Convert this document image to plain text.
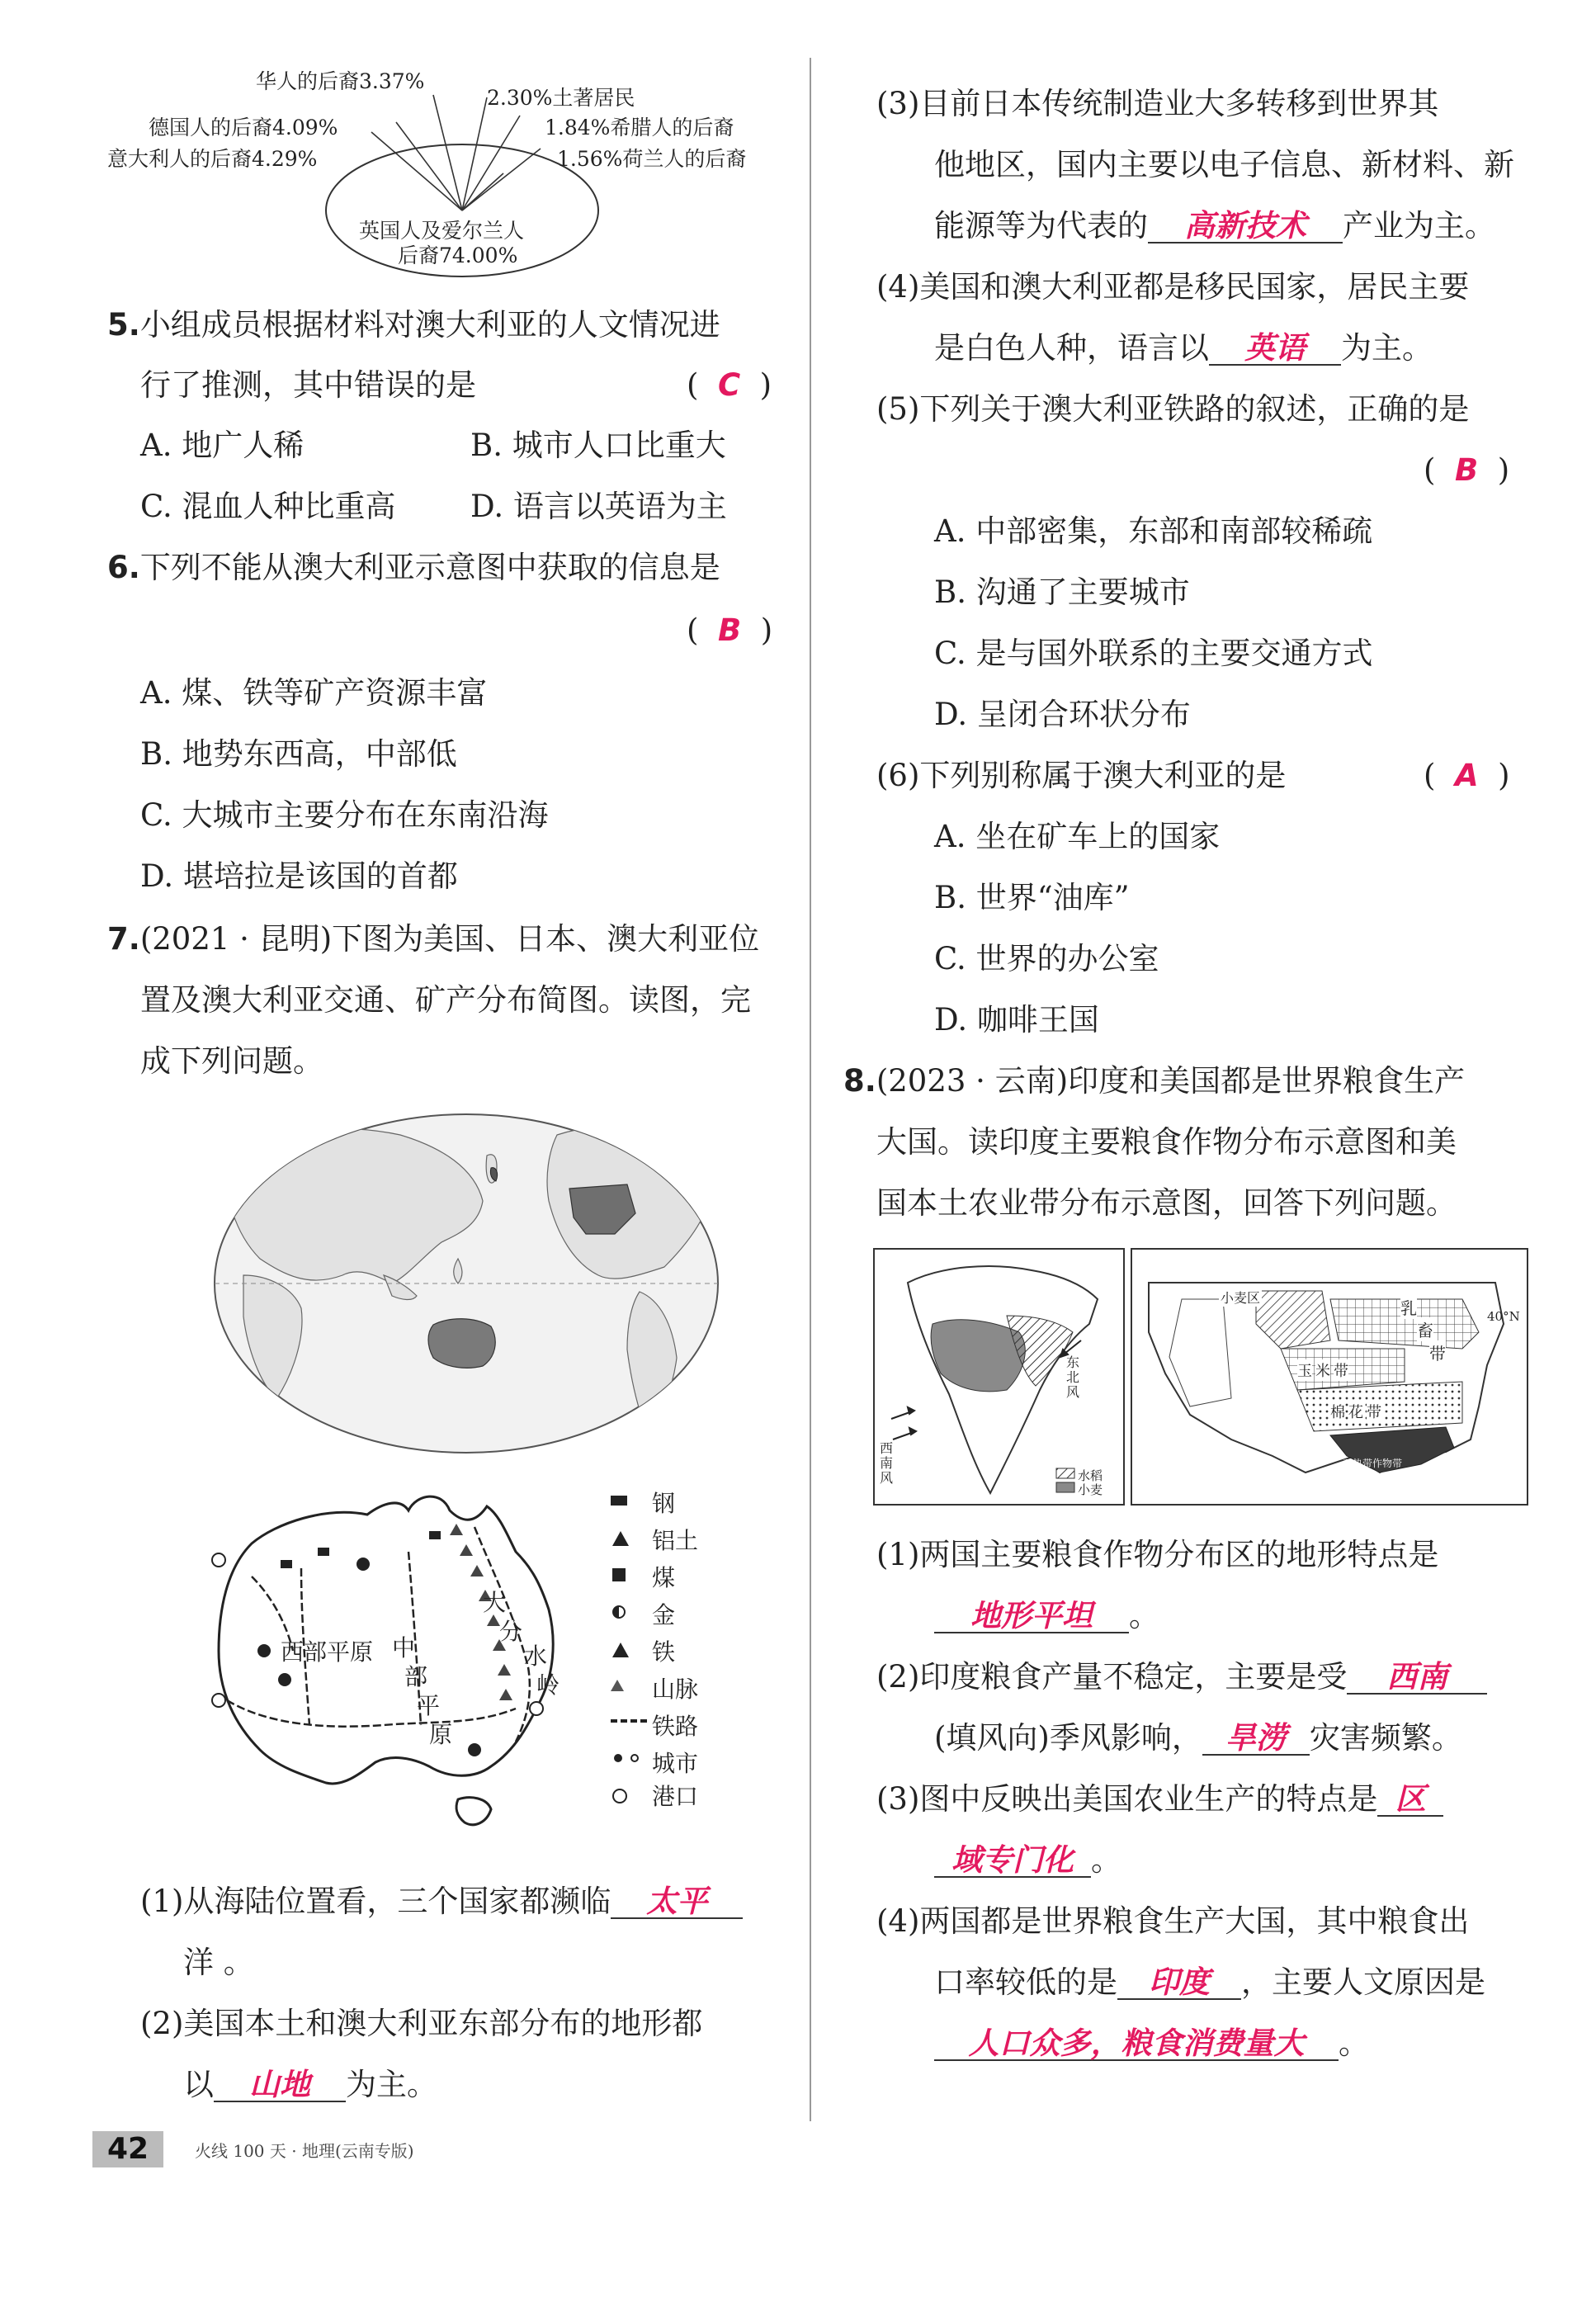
华人的后裔3.37%
2.30%土著居民
德国人的后裔4.09%	1.84%希腊人的后裔
意大利人的后裔4.29%	1.56%荷兰人的后裔
英国人及爱尔兰人
后裔74.00%
5.小组成员根据材料对澳大利亚的人文情况进
行了推测，其中错误的是	(  C  )
A. 地广人稀	B. 城市人口比重大
C. 混血人种比重高 D. 语言以英语为主
6.下列不能从澳大利亚示意图中获取的信息是
(  B  )
A. 煤、铁等矿产资源丰富
B. 地势东西高，中部低
C. 大城市主要分布在东南沿海
D. 堪培拉是该国的首都
7.(2021 · 昆明)下图为美国、日本、澳大利亚位
置及澳大利亚交通、矿产分布简图。读图，完
成下列问题。
西部平原 中
部
平
原
大
分
水
岭
钢
铝土
煤
金
铁
山脉
铁路
城市
港口
(1)从海陆位置看，三个国家都濒临 太平
洋 。
(2)美国本土和澳大利亚东部分布的地形都
以 山地 为主。
(3)目前日本传统制造业大多转移到世界其
他地区，国内主要以电子信息、新材料、新
能源等为代表的 高新技术 产业为主。
(4)美国和澳大利亚都是移民国家，居民主要
是白色人种，语言以 英语 为主。
(5)下列关于澳大利亚铁路的叙述，正确的是
(  B  )
A. 中部密集，东部和南部较稀疏
B. 沟通了主要城市
C. 是与国外联系的主要交通方式
D. 呈闭合环状分布
(6)下列别称属于澳大利亚的是	(  A  )
A. 坐在矿车上的国家
B. 世界“油库”
C. 世界的办公室
D. 咖啡王国
8.(2023 · 云南)印度和美国都是世界粮食生产
大国。读印度主要粮食作物分布示意图和美
国本土农业带分布示意图，回答下列问题。
东北风
西南风	水稻
小麦
小麦区
乳
畜
带
玉 米 带
棉 花 带
亚热带作物带
40°N
(1)两国主要粮食作物分布区的地形特点是
地形平坦 。
(2)印度粮食产量不稳定，主要是受 西南
(填风向)季风影响， 旱涝 灾害频繁。
(3)图中反映出美国农业生产的特点是 区
域专门化 。
(4)两国都是世界粮食生产大国，其中粮食出
口率较低的是 印度 ，主要人文原因是
人口众多，粮食消费量大 。
42	火线 100 天 · 地理(云南专版)
